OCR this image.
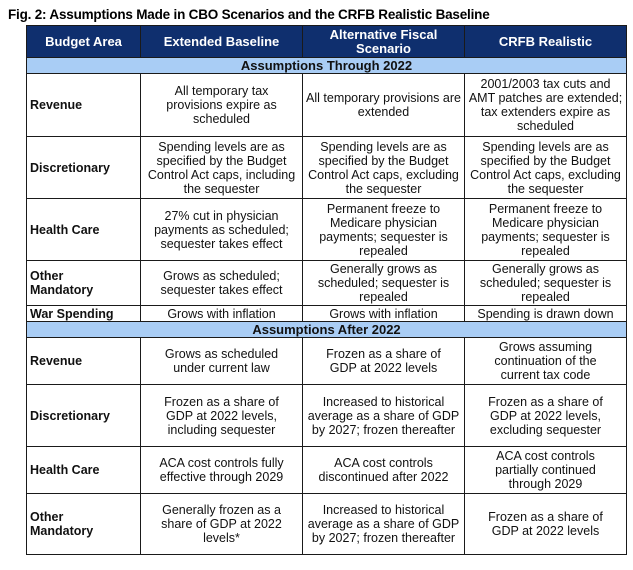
Fig. 2: Assumptions Made in CBO Scenarios and the CRFB Realistic Baseline
Budget Area	Extended Baseline	Alternative Fiscal Scenario	CRFB Realistic
Assumptions Through 2022			
Revenue	All temporary tax provisions expire as scheduled	All temporary provisions are extended	2001/2003 tax cuts and AMT patches are extended; tax extenders expire as scheduled
Discretionary	Spending levels are as specified by the Budget Control Act caps, including the sequester	Spending levels are as specified by the Budget Control Act caps, excluding the sequester	Spending levels are as specified by the Budget Control Act caps, excluding the sequester
Health Care	27% cut in physician payments as scheduled; sequester takes effect	Permanent freeze to Medicare physician payments; sequester is repealed	Permanent freeze to Medicare physician payments; sequester is repealed
Other Mandatory	Grows as scheduled; sequester takes effect	Generally grows as scheduled; sequester is repealed	Generally grows as scheduled; sequester is repealed
War Spending	Grows with inflation	Grows with inflation	Spending is drawn down
Assumptions After 2022			
Revenue	Grows as scheduled under current law	Frozen as a share of GDP at 2022 levels	Grows assuming continuation of the current tax code
Discretionary	Frozen as a share of GDP at 2022 levels, including sequester	Increased to historical average as a share of GDP by 2027; frozen thereafter	Frozen as a share of GDP at 2022 levels, excluding sequester
Health Care	ACA cost controls fully effective through 2029	ACA cost controls discontinued after 2022	ACA cost controls partially continued through 2029
Other Mandatory	Generally frozen as a share of GDP at 2022 levels*	Increased to historical average as a share of GDP by 2027; frozen thereafter	Frozen as a share of GDP at 2022 levels
